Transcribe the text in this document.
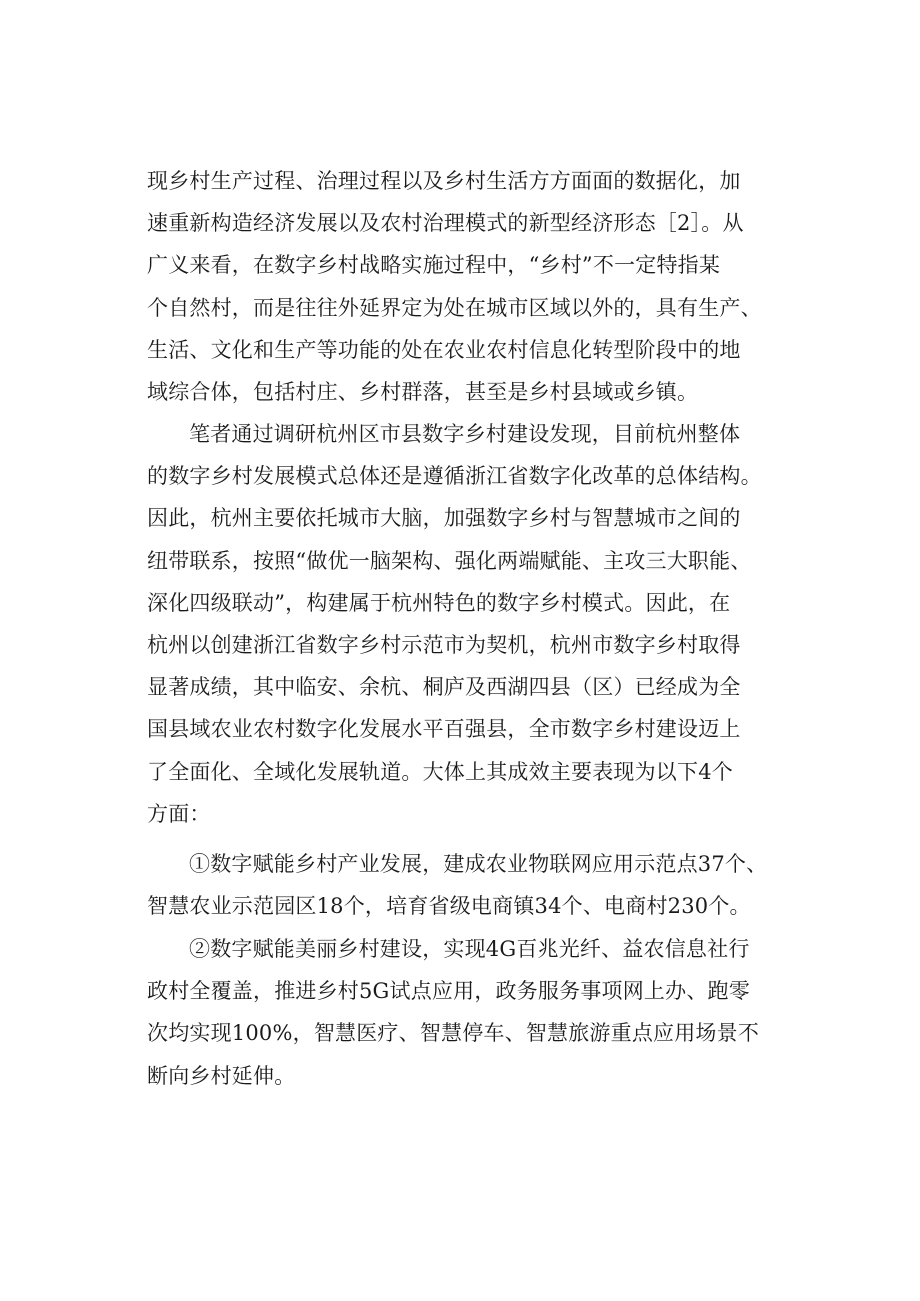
现乡村生产过程、治理过程以及乡村生活方方面面的数据化，加
速重新构造经济发展以及农村治理模式的新型经济形态［2］。从
广义来看，在数字乡村战略实施过程中，“乡村”不一定特指某
个自然村，而是往往外延界定为处在城市区域以外的，具有生产、
生活、文化和生产等功能的处在农业农村信息化转型阶段中的地
域综合体，包括村庄、乡村群落，甚至是乡村县域或乡镇。
笔者通过调研杭州区市县数字乡村建设发现，目前杭州整体
的数字乡村发展模式总体还是遵循浙江省数字化改革的总体结构。
因此，杭州主要依托城市大脑，加强数字乡村与智慧城市之间的
纽带联系，按照“做优一脑架构、强化两端赋能、主攻三大职能、
深化四级联动”，构建属于杭州特色的数字乡村模式。因此，在
杭州以创建浙江省数字乡村示范市为契机，杭州市数字乡村取得
显著成绩，其中临安、余杭、桐庐及西湖四县（区）已经成为全
国县域农业农村数字化发展水平百强县，全市数字乡村建设迈上
了全面化、全域化发展轨道。大体上其成效主要表现为以下4个
方面：
①数字赋能乡村产业发展，建成农业物联网应用示范点37个、
智慧农业示范园区18个，培育省级电商镇34个、电商村230个。
②数字赋能美丽乡村建设，实现4G百兆光纤、益农信息社行
政村全覆盖，推进乡村5G试点应用，政务服务事项网上办、跑零
次均实现100%，智慧医疗、智慧停车、智慧旅游重点应用场景不
断向乡村延伸。
